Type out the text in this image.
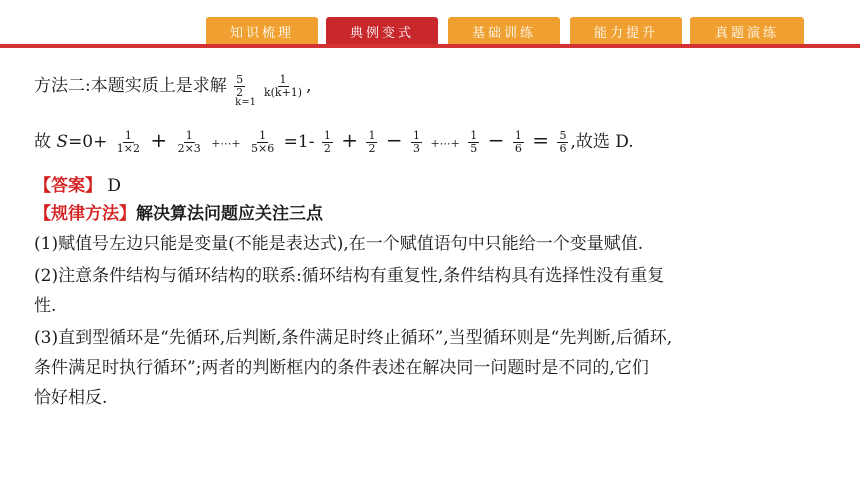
知识梳理	典例变式	基础训练	能力提升	真题演练
方法二:本题实质上是求解 $\frac{5}{2}$
$_{k=1}$
$\frac{1}{k(k+1)}$ ,
故 $S=0+ \frac{1}{1\times 2} + \frac{1}{2\times 3}$ +⋯+ $\frac{1}{5\times 6} =1- \frac{1}{2} + \frac{1}{2} - \frac{1}{3}$ +⋯+ $\frac{1}{5} - \frac{1}{6} = \frac{5}{6}$ ,故选 D.
【答案】 D
【规律方法】解决算法问题应关注三点
(1)赋值号左边只能是变量(不能是表达式),在一个赋值语句中只能给一个变量赋值.
(2)注意条件结构与循环结构的联系:循环结构有重复性,条件结构具有选择性没有重复
性.
(3)直到型循环是“先循环,后判断,条件满足时终止循环”,当型循环则是“先判断,后循环,
条件满足时执行循环”;两者的判断框内的条件表述在解决同一问题时是不同的,它们
恰好相反.
